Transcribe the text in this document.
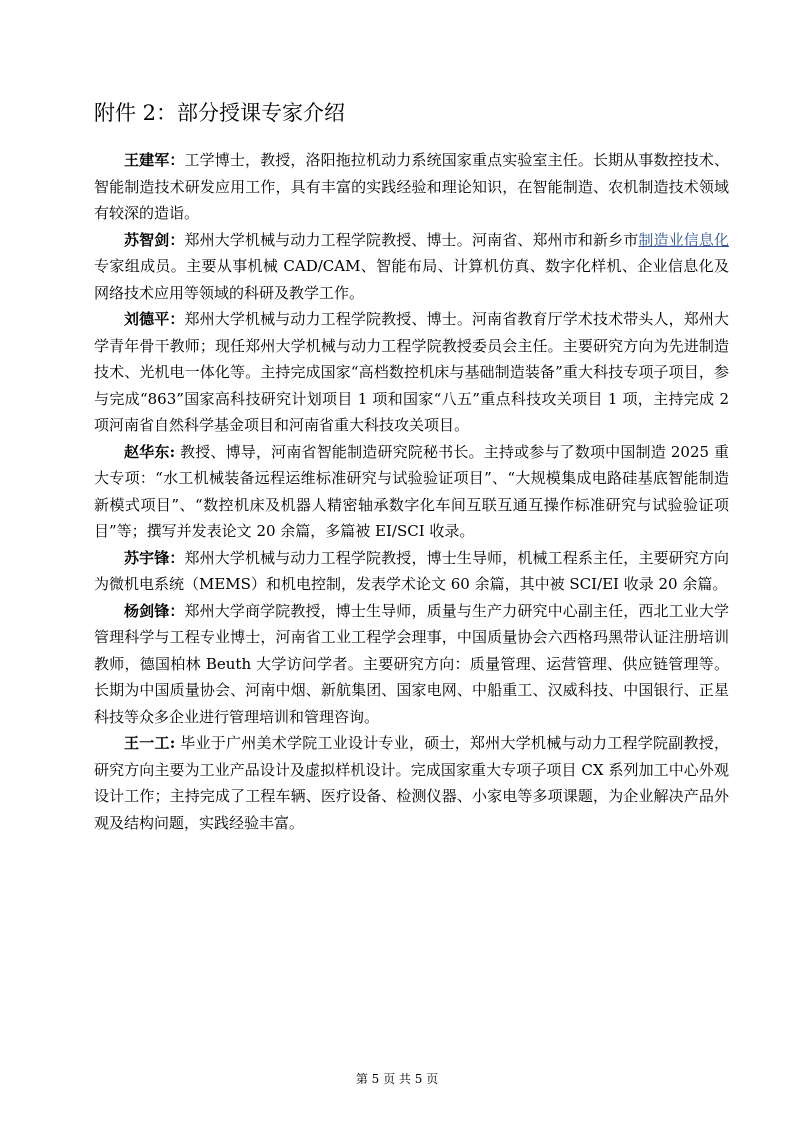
附件 2：部分授课专家介绍

王建军：工学博士，教授，洛阳拖拉机动力系统国家重点实验室主任。长期从事数控技术、智能制造技术研发应用工作，具有丰富的实践经验和理论知识，在智能制造、农机制造技术领域有较深的造诣。

苏智剑：郑州大学机械与动力工程学院教授、博士。河南省、郑州市和新乡市制造业信息化专家组成员。主要从事机械 CAD/CAM、智能布局、计算机仿真、数字化样机、企业信息化及网络技术应用等领域的科研及教学工作。

刘德平：郑州大学机械与动力工程学院教授、博士。河南省教育厅学术技术带头人，郑州大学青年骨干教师；现任郑州大学机械与动力工程学院教授委员会主任。主要研究方向为先进制造技术、光机电一体化等。主持完成国家“高档数控机床与基础制造装备”重大科技专项子项目，参与完成“863”国家高科技研究计划项目 1 项和国家“八五”重点科技攻关项目 1 项，主持完成 2 项河南省自然科学基金项目和河南省重大科技攻关项目。

赵华东: 教授、博导，河南省智能制造研究院秘书长。主持或参与了数项中国制造 2025 重大专项：“水工机械装备远程运维标准研究与试验验证项目”、“大规模集成电路硅基底智能制造新模式项目”、“数控机床及机器人精密轴承数字化车间互联互通互操作标准研究与试验验证项目”等；撰写并发表论文 20 余篇，多篇被 EI/SCI 收录。

苏宇锋：郑州大学机械与动力工程学院教授，博士生导师，机械工程系主任，主要研究方向为微机电系统（MEMS）和机电控制，发表学术论文 60 余篇，其中被 SCI/EI 收录 20 余篇。

杨剑锋：郑州大学商学院教授，博士生导师，质量与生产力研究中心副主任，西北工业大学管理科学与工程专业博士，河南省工业工程学会理事，中国质量协会六西格玛黑带认证注册培训教师，德国柏林 Beuth 大学访问学者。主要研究方向：质量管理、运营管理、供应链管理等。长期为中国质量协会、河南中烟、新航集团、国家电网、中船重工、汉威科技、中国银行、正星科技等众多企业进行管理培训和管理咨询。

王一工: 毕业于广州美术学院工业设计专业，硕士，郑州大学机械与动力工程学院副教授，研究方向主要为工业产品设计及虚拟样机设计。完成国家重大专项子项目 CX 系列加工中心外观设计工作；主持完成了工程车辆、医疗设备、检测仪器、小家电等多项课题，为企业解决产品外观及结构问题，实践经验丰富。

第 5 页 共 5 页
